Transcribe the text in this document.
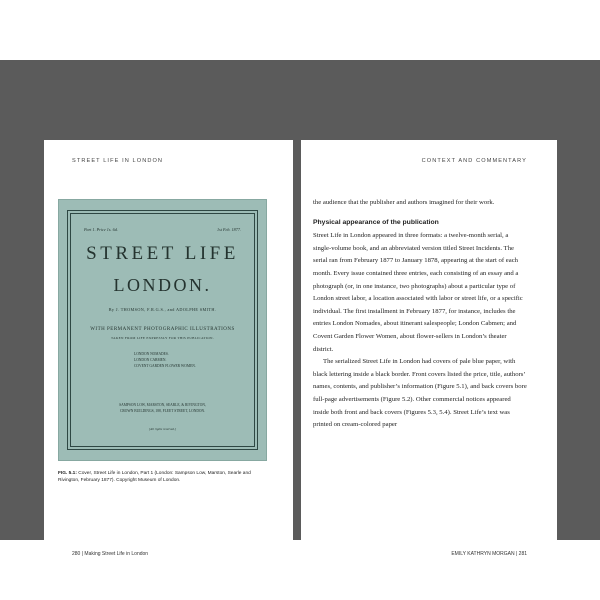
STREET LIFE IN LONDON
Part 1. Price 1s. 6d.	1st Feb. 1877.
STREET LIFE
LONDON.
By J. THOMSON, F.R.G.S., and ADOLPHE SMITH.
WITH PERMANENT PHOTOGRAPHIC ILLUSTRATIONS
TAKEN FROM LIFE EXPRESSLY FOR THIS PUBLICATION.
LONDON NOMADES.
LONDON CABMEN.
COVENT GARDEN FLOWER WOMEN.
SAMPSON LOW, MARSTON, SEARLE, & RIVINGTON,
CROWN BUILDINGS, 188, FLEET STREET, LONDON.
[All rights reserved.]
FIG. 5.1: Cover, Street Life in London, Part 1 (London: Sampson Low, Marston, Searle and Rivington, February 1877). Copyright Museum of London.
280 | Making Street Life in London
CONTEXT AND COMMENTARY

the audience that the publisher and authors imagined for their work.

Physical appearance of the publication

Street Life in London appeared in three formats: a twelve-month serial, a single-volume book, and an abbreviated version titled Street Incidents. The serial ran from February 1877 to January 1878, appearing at the start of each month. Every issue contained three entries, each consisting of an essay and a photograph (or, in one instance, two photographs) about a particular type of London street labor, a location associated with labor or street life, or a specific individual. The first installment in February 1877, for instance, includes the entries London Nomades, about itinerant salespeople; London Cabmen; and Covent Garden Flower Women, about flower-sellers in London’s theater district.

The serialized Street Life in London had covers of pale blue paper, with black lettering inside a black border. Front covers listed the price, title, authors’ names, contents, and publisher’s information (Figure 5.1), and back covers bore full-page advertisements (Figure 5.2). Other commercial notices appeared inside both front and back covers (Figures 5.3, 5.4). Street Life’s text was printed on cream-colored paper

EMILY KATHRYN MORGAN | 281
